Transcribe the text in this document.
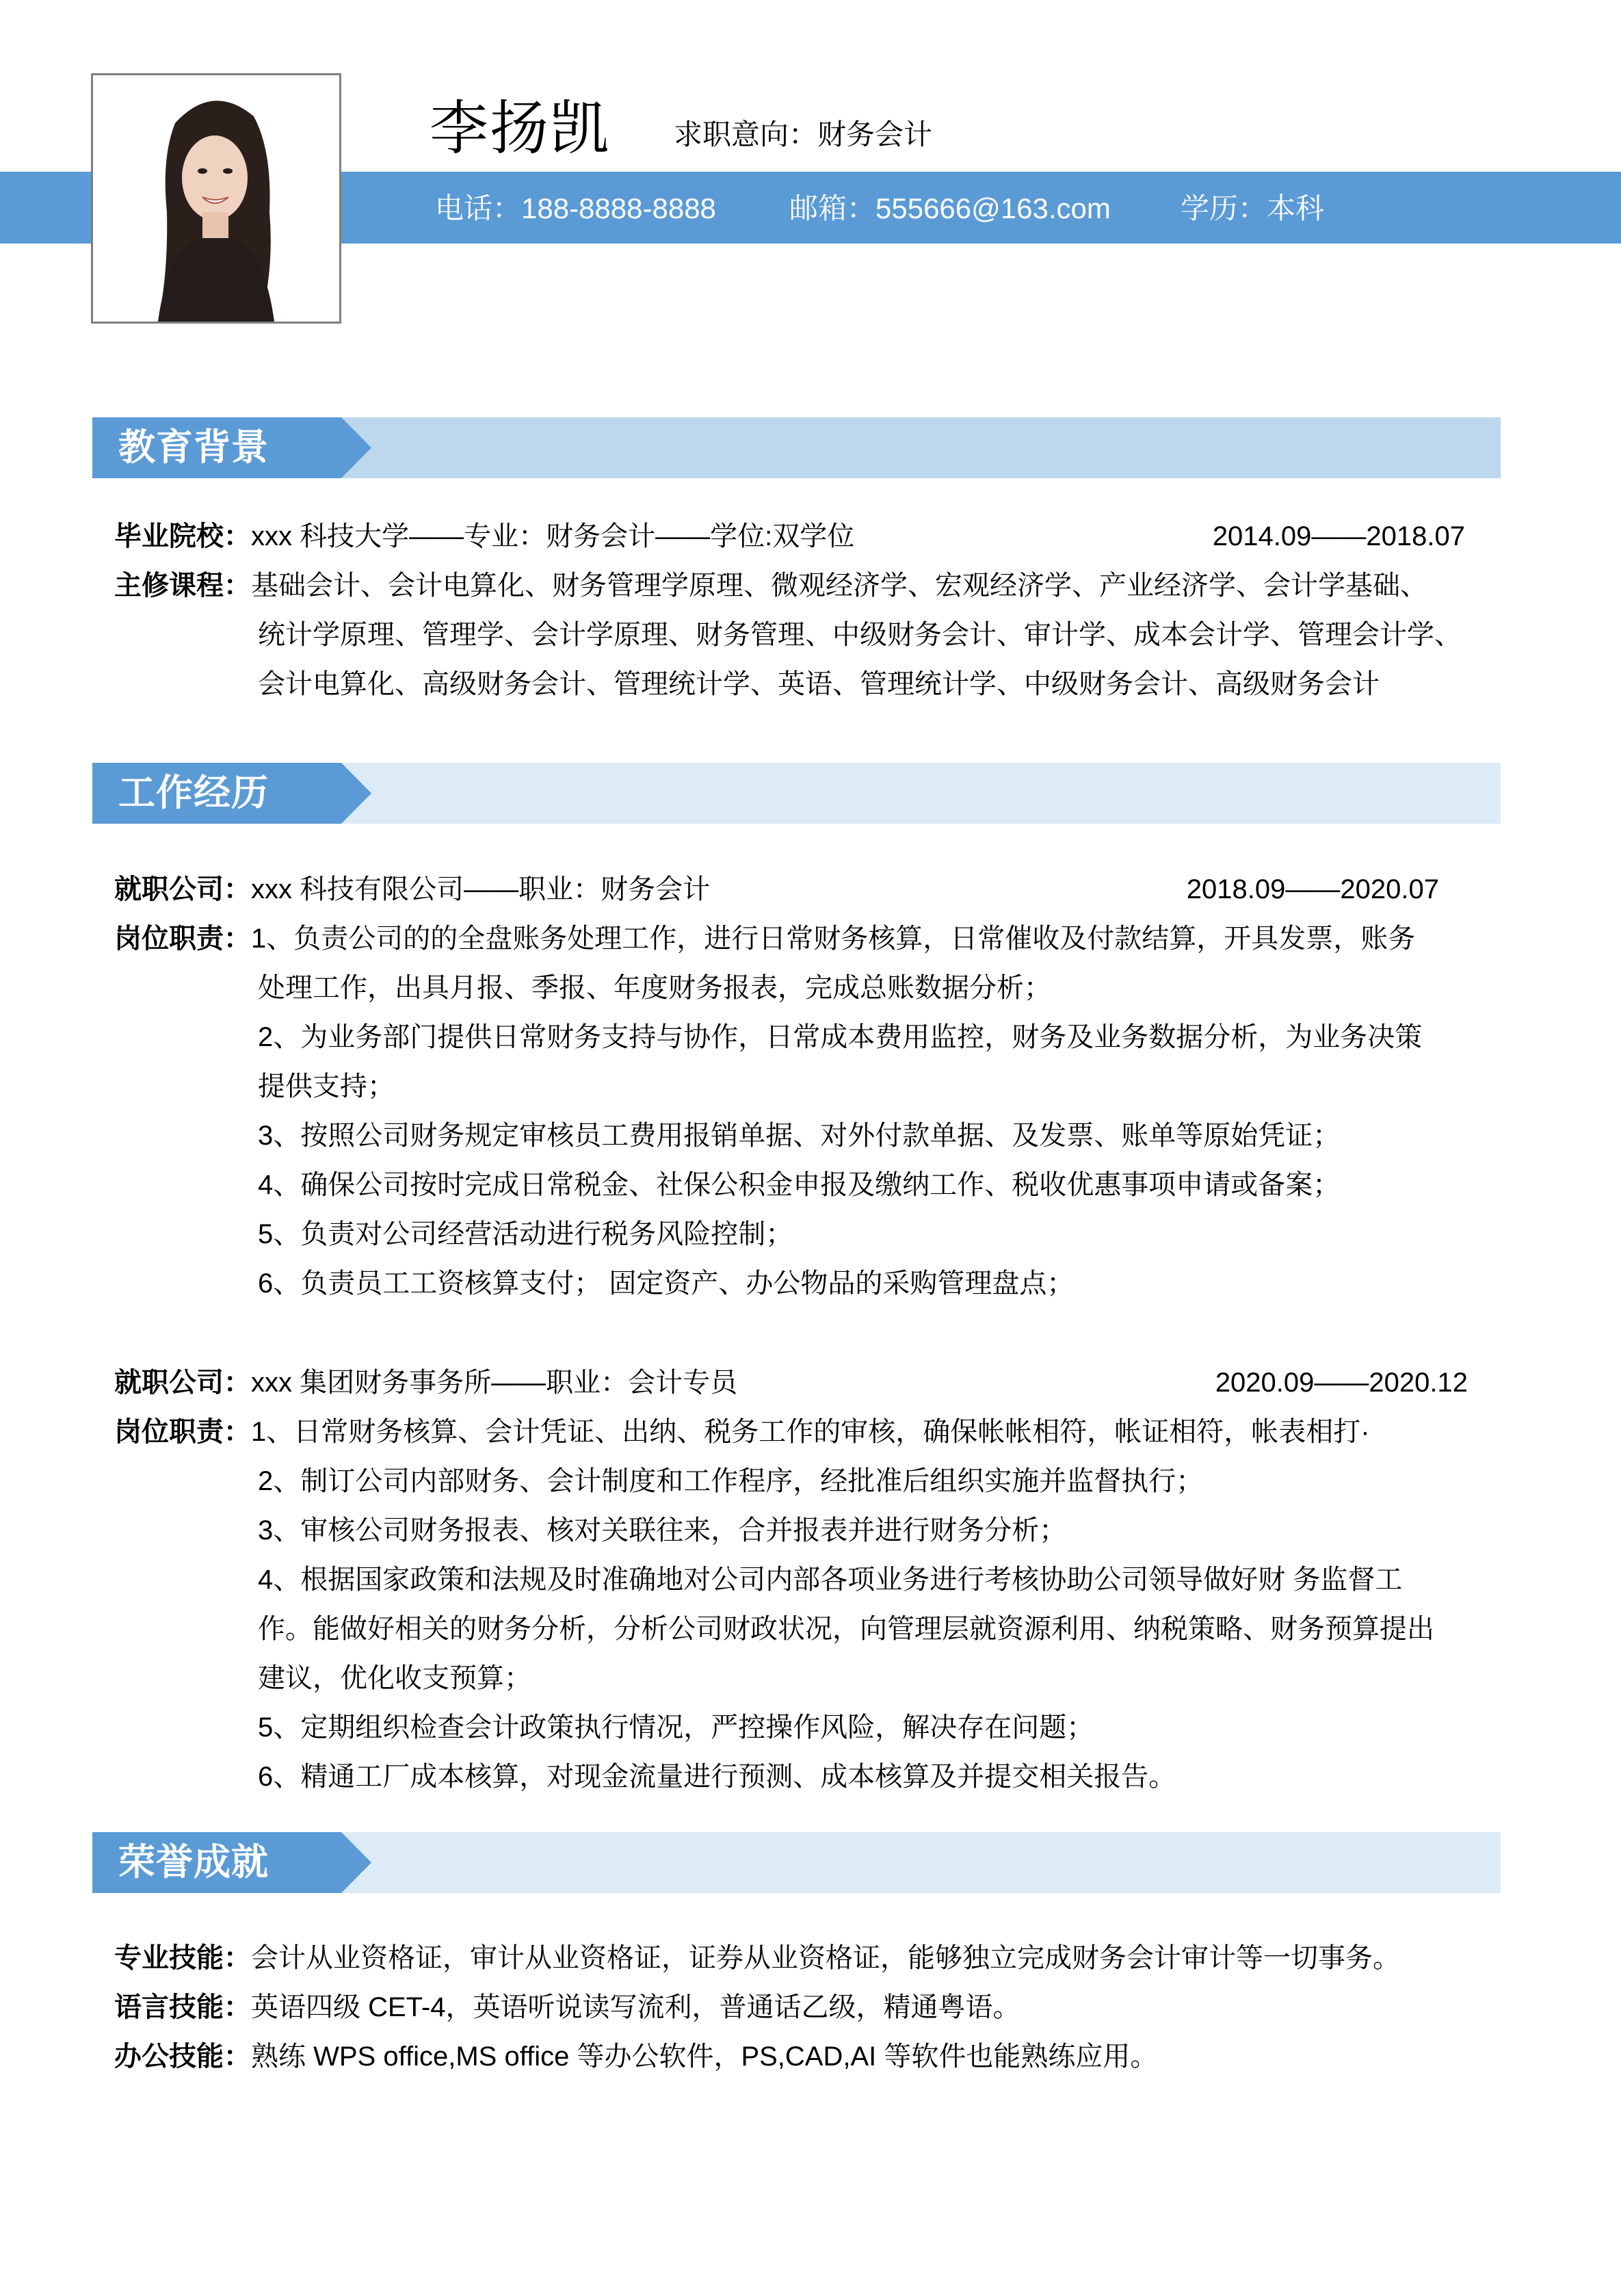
李扬凯 求职意向：财务会计
电话：188-8888-8888	邮箱：555666@163.com 学历：本科
教育背景
毕业院校：xxx 科技大学——专业：财务会计——学位:双学位	2014.09——2018.07
主修课程：基础会计、会计电算化、财务管理学原理、微观经济学、宏观经济学、产业经济学、会计学基础、
统计学原理、管理学、会计学原理、财务管理、中级财务会计、审计学、成本会计学、管理会计学、
会计电算化、高级财务会计、管理统计学、英语、管理统计学、中级财务会计、高级财务会计
工作经历
就职公司：xxx 科技有限公司——职业：财务会计	2018.09——2020.07
岗位职责：1、负责公司的的全盘账务处理工作，进行日常财务核算，日常催收及付款结算，开具发票，账务
处理工作，出具月报、季报、年度财务报表，完成总账数据分析；
2、为业务部门提供日常财务支持与协作，日常成本费用监控，财务及业务数据分析，为业务决策
提供支持；
3、按照公司财务规定审核员工费用报销单据、对外付款单据、及发票、账单等原始凭证；
4、确保公司按时完成日常税金、社保公积金申报及缴纳工作、税收优惠事项申请或备案；
5、负责对公司经营活动进行税务风险控制；
6、负责员工工资核算支付； 固定资产、办公物品的采购管理盘点；
就职公司：xxx 集团财务事务所——职业：会计专员	2020.09——2020.12
岗位职责：1、日常财务核算、会计凭证、出纳、税务工作的审核，确保帐帐相符，帐证相符，帐表相打·
2、制订公司内部财务、会计制度和工作程序，经批准后组织实施并监督执行；
3、审核公司财务报表、核对关联往来，合并报表并进行财务分析；
4、根据国家政策和法规及时准确地对公司内部各项业务进行考核协助公司领导做好财 务监督工
作。能做好相关的财务分析，分析公司财政状况，向管理层就资源利用、纳税策略、财务预算提出
建议，优化收支预算；
5、定期组织检查会计政策执行情况，严控操作风险，解决存在问题；
6、精通工厂成本核算，对现金流量进行预测、成本核算及并提交相关报告。
荣誉成就
专业技能：会计从业资格证，审计从业资格证，证券从业资格证，能够独立完成财务会计审计等一切事务。
语言技能：英语四级 CET-4，英语听说读写流利，普通话乙级，精通粤语。
办公技能：熟练 WPS office,MS office 等办公软件，PS,CAD,AI 等软件也能熟练应用。
